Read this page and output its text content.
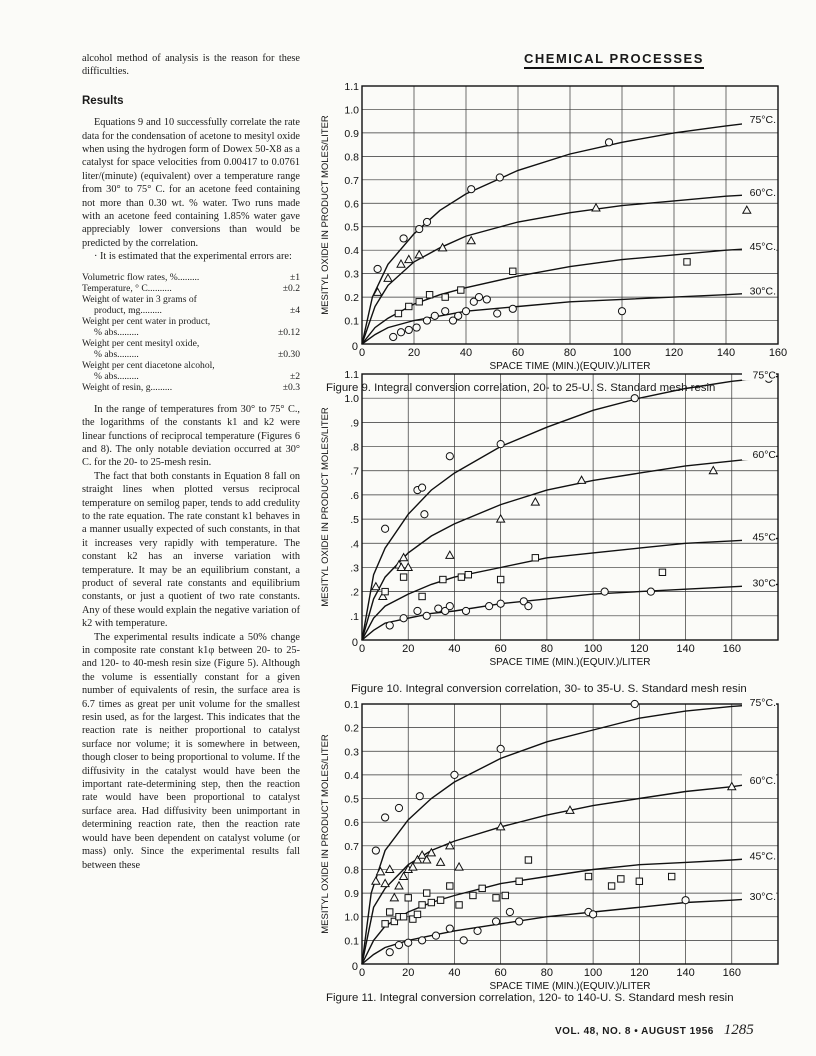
CHEMICAL PROCESSES

alcohol method of analysis is the reason for these difficulties.

Results

Equations 9 and 10 successfully correlate the rate data for the condensation of acetone to mesityl oxide when using the hydrogen form of Dowex 50-X8 as a catalyst for space velocities from 0.00417 to 0.0761 liter/(minute) (equivalent) over a temperature range from 30° to 75° C. for an acetone feed containing not more than 0.30 wt. % water. Two runs made with an acetone feed containing 1.85% water gave appreciably lower conversions than would be predicted by the correlation.

· It is estimated that the experimental errors are:

Volumetric flow rates, %.........	±1
Temperature, ° C..........	±0.2
Weight of water in 3 grams of
product, mg.........	±4
Weight per cent water in product,
% abs.........	±0.12
Weight per cent mesityl oxide,
% abs.........	±0.30
Weight per cent diacetone alcohol,
% abs.........	±2
Weight of resin, g.........	±0.3

In the range of temperatures from 30° to 75° C., the logarithms of the constants k1 and k2 were linear functions of reciprocal temperature (Figures 6 and 8). The only notable deviation occurred at 30° C. for the 20- to 25-mesh resin.

The fact that both constants in Equation 8 fall on straight lines when plotted versus reciprocal temperature on semilog paper, tends to add credulity to the rate equation. The rate constant k1 behaves in a manner usually expected of such constants, in that it increases very rapidly with temperature. The constant k2 has an inverse variation with temperature. It may be an equilibrium constant, a product of several rate constants and equilibrium constants, or just a quotient of two rate constants. Any of these would explain the negative variation of k2 with temperature.

The experimental results indicate a 50% change in composite rate constant k1φ between 20- to 25- and 120- to 40-mesh resin size (Figure 5). Although the volume is essentially constant for a given number of equivalents of resin, the surface area is 6.7 times as great per unit volume for the smallest resin used, as for the largest. This indicates that the reaction rate is neither proportional to catalyst surface nor volume; it is somewhere in between, though closer to being proportional to volume. If the diffusivity in the catalyst would have been the important rate-determining step, then the reaction rate would have been proportional to catalyst surface area. Had diffusivity been unimportant in determining reaction rate, then the reaction rate would have been dependent on catalyst volume (or mass) only. Since the experimental results fall between these

0	20	40	60	80	100	120	140	160
0.1
0.2
0.3
0.4
0.5
0.6
0.7
0.8
0.9
1.0
1.1
0
SPACE TIME (MIN.)(EQUIV.)/LITER
MESITYL OXIDE IN PRODUCT MOLES/LITER	75°C.
60°C.
45°C.
30°C.
Figure 9. Integral conversion correlation, 20- to 25-U. S. Standard mesh resin
0	20	40	60	80	100	120	140	160
.1
.2
.3
.4
.5
.6
.7
.8
.9
1.0
1.1
0
SPACE TIME (MIN.)(EQUIV.)/LITER
MESITYL OXIDE IN PRODUCT MOLES/LITER
75°C
60°C
45°C
30°C
Figure 10. Integral conversion correlation, 30- to 35-U. S. Standard mesh resin
0	20	40	60	80	100	120	140	160
0.1
1.0
0.9
0.8
0.7
0.6
0.5
0.4
0.3
0.2
0.1
0
SPACE TIME (MIN.)(EQUIV.)/LITER
MESITYL OXIDE IN PRODUCT MOLES/LITER
75°C.
60°C.
45°C.
30°C.
Figure 11. Integral conversion correlation, 120- to 140-U. S. Standard mesh resin
VOL. 48, NO. 8 • AUGUST 1956 1285
